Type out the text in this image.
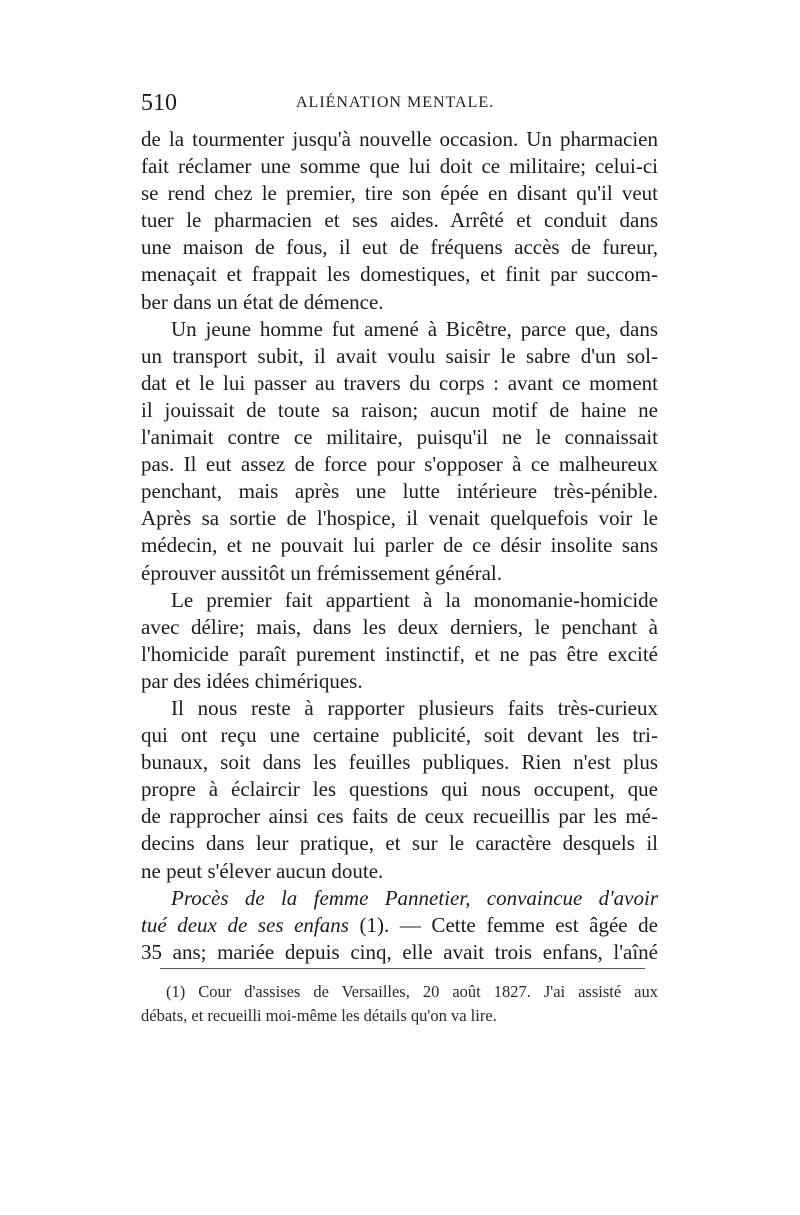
510	ALIÉNATION MENTALE.
de la tourmenter jusqu'à nouvelle occasion. Un pharmacien
fait réclamer une somme que lui doit ce militaire; celui-ci
se rend chez le premier, tire son épée en disant qu'il veut
tuer le pharmacien et ses aides. Arrêté et conduit dans
une maison de fous, il eut de fréquens accès de fureur,
menaçait et frappait les domestiques, et finit par succom-
ber dans un état de démence.
Un jeune homme fut amené à Bicêtre, parce que, dans
un transport subit, il avait voulu saisir le sabre d'un sol-
dat et le lui passer au travers du corps : avant ce moment
il jouissait de toute sa raison; aucun motif de haine ne
l'animait contre ce militaire, puisqu'il ne le connaissait
pas. Il eut assez de force pour s'opposer à ce malheureux
penchant, mais après une lutte intérieure très-pénible.
Après sa sortie de l'hospice, il venait quelquefois voir le
médecin, et ne pouvait lui parler de ce désir insolite sans
éprouver aussitôt un frémissement général.
Le premier fait appartient à la monomanie-homicide
avec délire; mais, dans les deux derniers, le penchant à
l'homicide paraît purement instinctif, et ne pas être excité
par des idées chimériques.
Il nous reste à rapporter plusieurs faits très-curieux
qui ont reçu une certaine publicité, soit devant les tri-
bunaux, soit dans les feuilles publiques. Rien n'est plus
propre à éclaircir les questions qui nous occupent, que
de rapprocher ainsi ces faits de ceux recueillis par les mé-
decins dans leur pratique, et sur le caractère desquels il
ne peut s'élever aucun doute.
Procès de la femme Pannetier, convaincue d'avoir
tué deux de ses enfans (1). — Cette femme est âgée de
35 ans; mariée depuis cinq, elle avait trois enfans, l'aîné
(1) Cour d'assises de Versailles, 20 août 1827. J'ai assisté aux
débats, et recueilli moi-même les détails qu'on va lire.
